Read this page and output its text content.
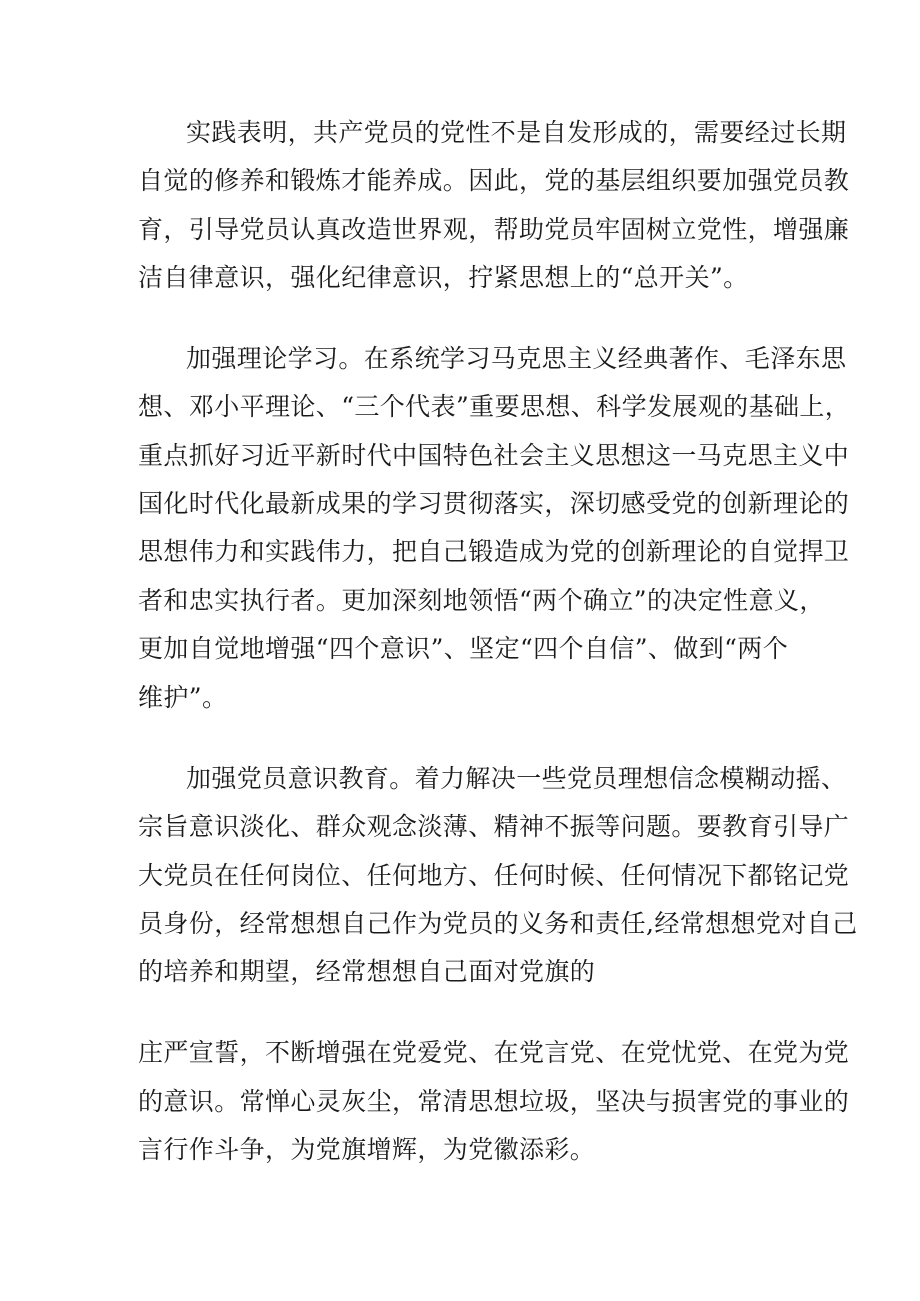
实践表明，共产党员的党性不是自发形成的，需要经过长期
自觉的修养和锻炼才能养成。因此，党的基层组织要加强党员教
育，引导党员认真改造世界观，帮助党员牢固树立党性，增强廉
洁自律意识，强化纪律意识，拧紧思想上的“总开关”。
加强理论学习。在系统学习马克思主义经典著作、毛泽东思
想、邓小平理论、“三个代表”重要思想、科学发展观的基础上，
重点抓好习近平新时代中国特色社会主义思想这一马克思主义中
国化时代化最新成果的学习贯彻落实，深切感受党的创新理论的
思想伟力和实践伟力，把自己锻造成为党的创新理论的自觉捍卫
者和忠实执行者。更加深刻地领悟“两个确立”的决定性意义，
更加自觉地增强“四个意识”、坚定“四个自信”、做到“两个
维护”。
加强党员意识教育。着力解决一些党员理想信念模糊动摇、
宗旨意识淡化、群众观念淡薄、精神不振等问题。要教育引导广
大党员在任何岗位、任何地方、任何时候、任何情况下都铭记党
员身份，经常想想自己作为党员的义务和责任,经常想想党对自己
的培养和期望，经常想想自己面对党旗的
庄严宣誓，不断增强在党爱党、在党言党、在党忧党、在党为党
的意识。常惮心灵灰尘，常清思想垃圾，坚决与损害党的事业的
言行作斗争，为党旗增辉，为党徽添彩。
